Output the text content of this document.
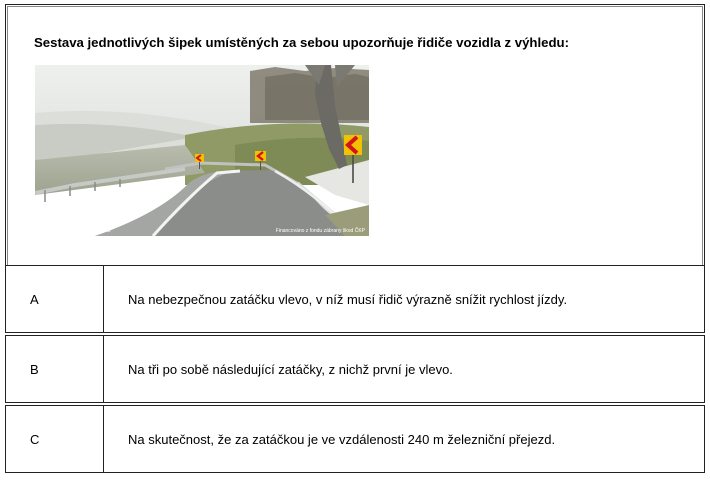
Sestava jednotlivých šipek umístěných za sebou upozorňuje řidiče vozidla z výhledu:
©Asociace autoškol ČR 2023	Financováno z fondu zábrany škod ČKP
A	Na nebezpečnou zatáčku vlevo, v níž musí řidič výrazně snížit rychlost jízdy.
B	Na tři po sobě následující zatáčky, z nichž první je vlevo.
C	Na skutečnost, že za zatáčkou je ve vzdálenosti 240 m železniční přejezd.
